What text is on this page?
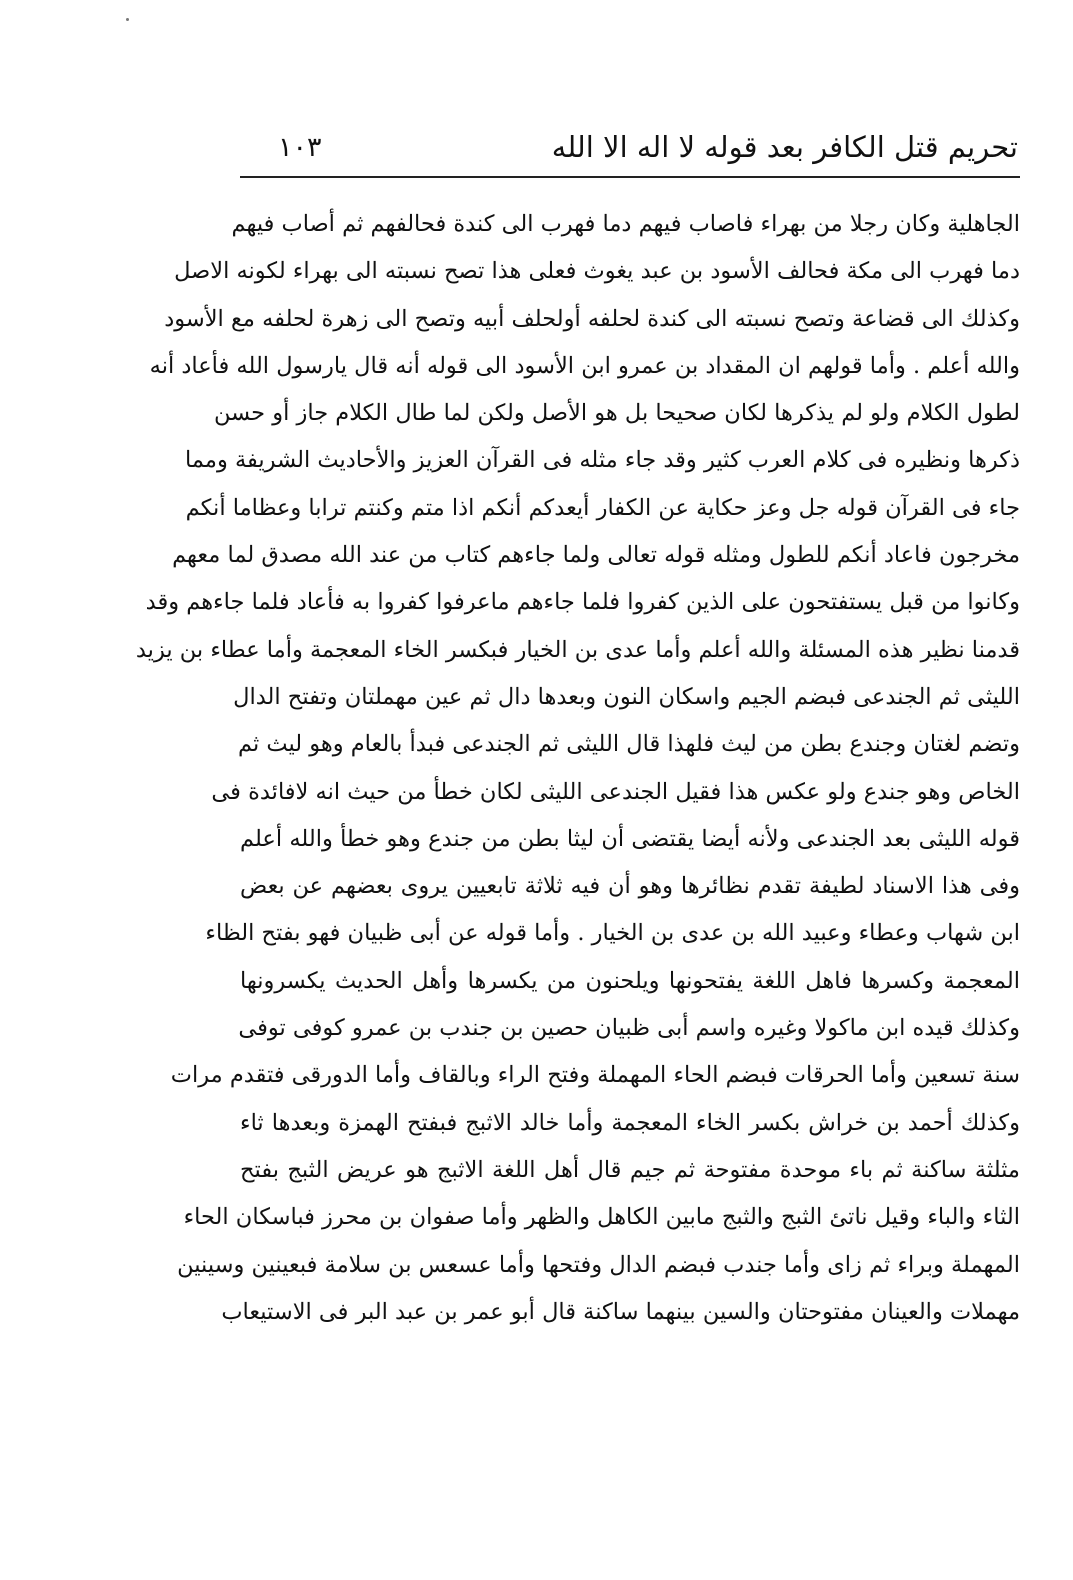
تحريم قتل الكافر بعد قوله لا اله الا الله
١٠٣
الجاهلية وكان رجلا من بهراء فاصاب فيهم دما فهرب الى كندة فحالفهم ثم أصاب فيهم
دما فهرب الى مكة فحالف الأسود بن عبد يغوث فعلى هذا تصح نسبته الى بهراء لكونه الاصل
وكذلك الى قضاعة وتصح نسبته الى كندة لحلفه أولحلف أبيه وتصح الى زهرة لحلفه مع الأسود
والله أعلم . وأما قولهم ان المقداد بن عمرو ابن الأسود الى قوله أنه قال يارسول الله فأعاد أنه
لطول الكلام ولو لم يذكرها لكان صحيحا بل هو الأصل ولكن لما طال الكلام جاز أو حسن
ذكرها ونظيره فى كلام العرب كثير وقد جاء مثله فى القرآن العزيز والأحاديث الشريفة ومما
جاء فى القرآن قوله جل وعز حكاية عن الكفار أيعدكم أنكم اذا متم وكنتم ترابا وعظاما أنكم
مخرجون فاعاد أنكم للطول ومثله قوله تعالى ولما جاءهم كتاب من عند الله مصدق لما معهم
وكانوا من قبل يستفتحون على الذين كفروا فلما جاءهم ماعرفوا كفروا به فأعاد فلما جاءهم وقد
قدمنا نظير هذه المسئلة والله أعلم وأما عدى بن الخيار فبكسر الخاء المعجمة وأما عطاء بن يزيد
الليثى ثم الجندعى فبضم الجيم واسكان النون وبعدها دال ثم عين مهملتان وتفتح الدال
وتضم لغتان وجندع بطن من ليث فلهذا قال الليثى ثم الجندعى فبدأ بالعام وهو ليث ثم
الخاص وهو جندع ولو عكس هذا فقيل الجندعى الليثى لكان خطأ من حيث انه لافائدة فى
قوله الليثى بعد الجندعى ولأنه أيضا يقتضى أن ليثا بطن من جندع وهو خطأ والله أعلم
وفى هذا الاسناد لطيفة تقدم نظائرها وهو أن فيه ثلاثة تابعيين يروى بعضهم عن بعض
ابن شهاب وعطاء وعبيد الله بن عدى بن الخيار . وأما قوله عن أبى ظبيان فهو بفتح الظاء
المعجمة وكسرها فاهل اللغة يفتحونها ويلحنون من يكسرها وأهل الحديث يكسرونها
وكذلك قيده ابن ماكولا وغيره واسم أبى ظبيان حصين بن جندب بن عمرو كوفى توفى
سنة تسعين وأما الحرقات فبضم الحاء المهملة وفتح الراء وبالقاف وأما الدورقى فتقدم مرات
وكذلك أحمد بن خراش بكسر الخاء المعجمة وأما خالد الاثبج فبفتح الهمزة وبعدها ثاء
مثلثة ساكنة ثم باء موحدة مفتوحة ثم جيم قال أهل اللغة الاثبج هو عريض الثبج بفتح
الثاء والباء وقيل ناتئ الثبج والثبج مابين الكاهل والظهر وأما صفوان بن محرز فباسكان الحاء
المهملة وبراء ثم زاى وأما جندب فبضم الدال وفتحها وأما عسعس بن سلامة فبعينين وسينين
مهملات والعينان مفتوحتان والسين بينهما ساكنة قال أبو عمر بن عبد البر فى الاستيعاب
